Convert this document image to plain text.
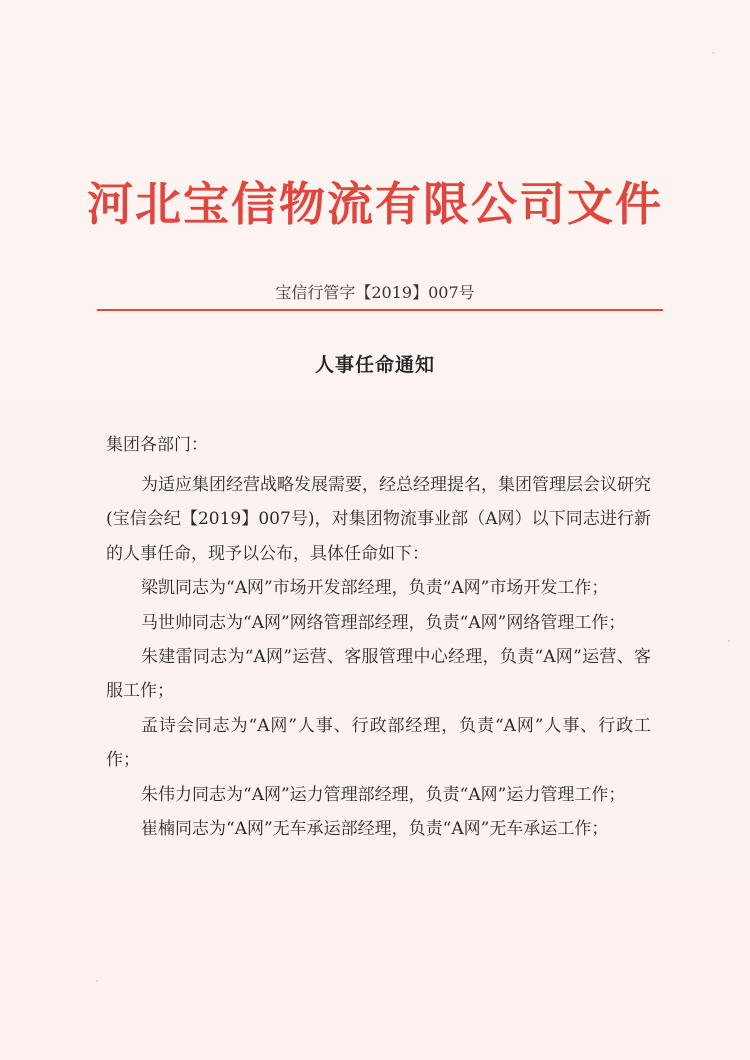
河北宝信物流有限公司文件
宝信行管字【2019】007号
人事任命通知
集团各部门：

为适应集团经营战略发展需要，经总经理提名，集团管理层会议研究(宝信会纪【2019】007号)，对集团物流事业部（A网）以下同志进行新的人事任命，现予以公布，具体任命如下：

梁凯同志为“A网”市场开发部经理，负责“A网”市场开发工作；

马世帅同志为“A网”网络管理部经理，负责“A网”网络管理工作；

朱建雷同志为“A网”运营、客服管理中心经理，负责“A网”运营、客服工作；

孟诗会同志为“A网”人事、行政部经理，负责“A网”人事、行政工作；

朱伟力同志为“A网”运力管理部经理，负责“A网”运力管理工作；

崔楠同志为“A网”无车承运部经理，负责“A网”无车承运工作；
